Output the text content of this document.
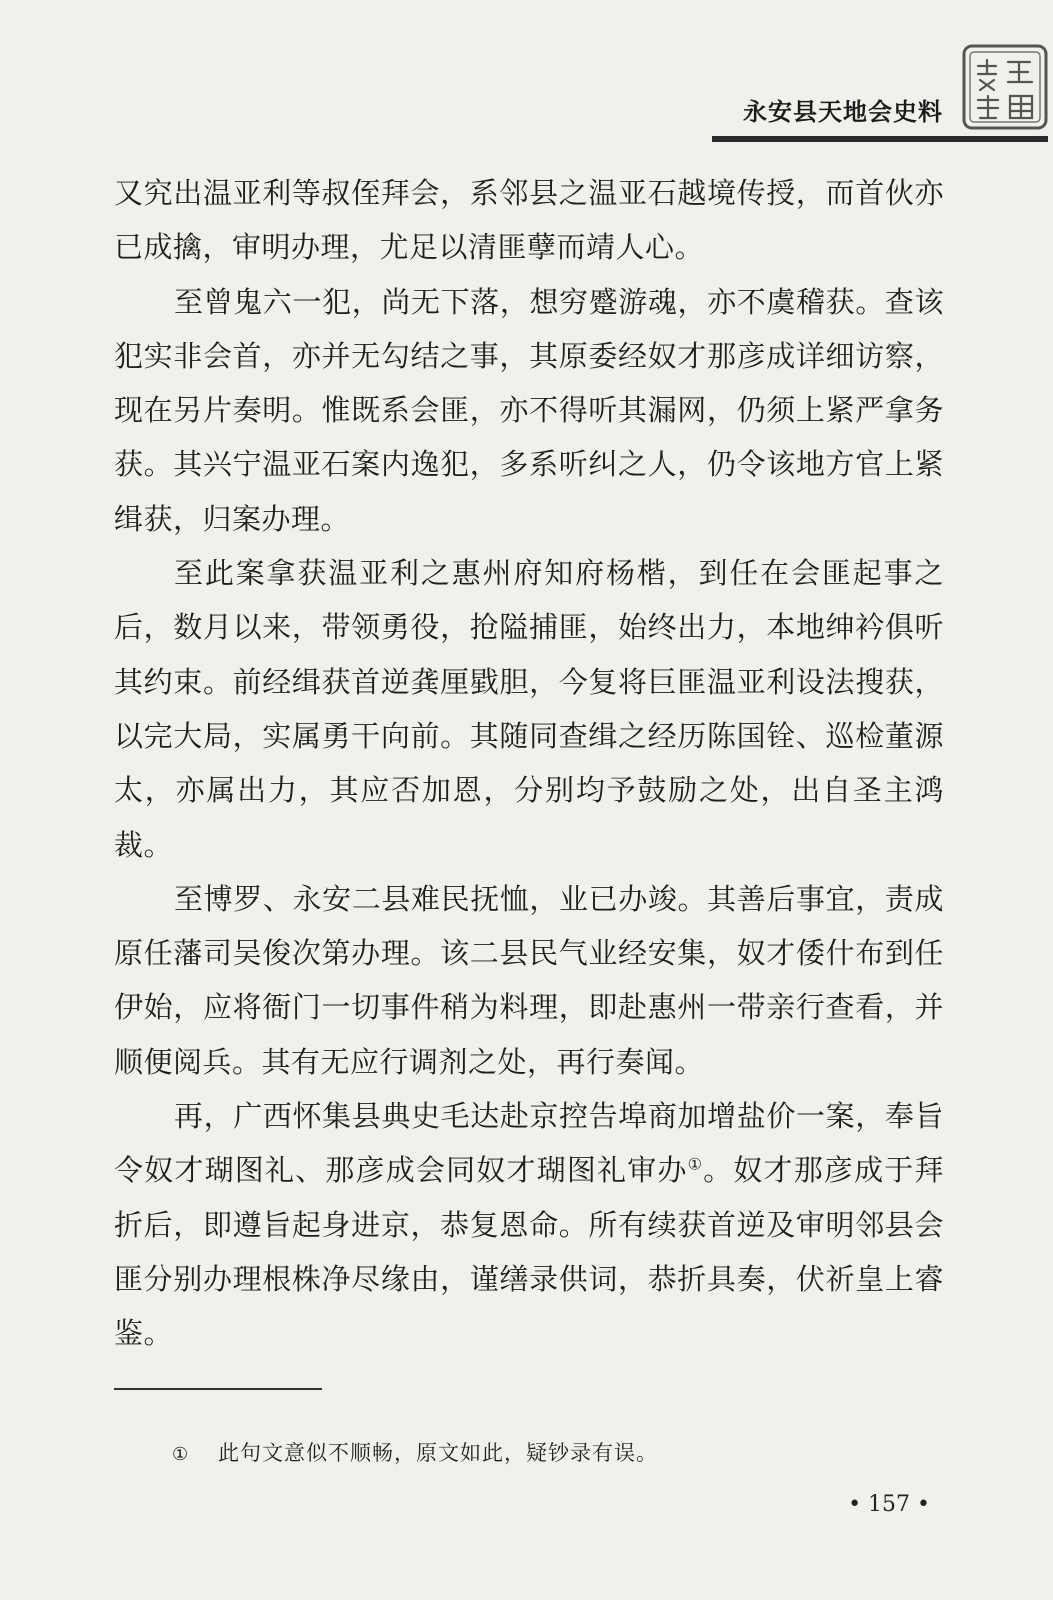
永安县天地会史料

又究出温亚利等叔侄拜会，系邻县之温亚石越境传授，而首伙亦已成擒，审明办理，尤足以清匪孽而靖人心。

至曾鬼六一犯，尚无下落，想穷蹙游魂，亦不虞稽获。查该犯实非会首，亦并无勾结之事，其原委经奴才那彦成详细访察，现在另片奏明。惟既系会匪，亦不得听其漏网，仍须上紧严拿务获。其兴宁温亚石案内逸犯，多系听纠之人，仍令该地方官上紧缉获，归案办理。

至此案拿获温亚利之惠州府知府杨楷，到任在会匪起事之后，数月以来，带领勇役，抢隘捕匪，始终出力，本地绅衿俱听其约束。前经缉获首逆龚厘戥胆，今复将巨匪温亚利设法搜获，以完大局，实属勇干向前。其随同查缉之经历陈国铨、巡检董源太，亦属出力，其应否加恩，分别均予鼓励之处，出自圣主鸿裁。

至博罗、永安二县难民抚恤，业已办竣。其善后事宜，责成原任藩司吴俊次第办理。该二县民气业经安集，奴才倭什布到任伊始，应将衙门一切事件稍为料理，即赴惠州一带亲行查看，并顺便阅兵。其有无应行调剂之处，再行奏闻。

再，广西怀集县典史毛达赴京控告埠商加增盐价一案，奉旨令奴才瑚图礼、那彦成会同奴才瑚图礼审办①。奴才那彦成于拜折后，即遵旨起身进京，恭复恩命。所有续获首逆及审明邻县会匪分别办理根株净尽缘由，谨缮录供词，恭折具奏，伏祈皇上睿鉴。

① 此句文意似不顺畅，原文如此，疑钞录有误。
• 157 •
